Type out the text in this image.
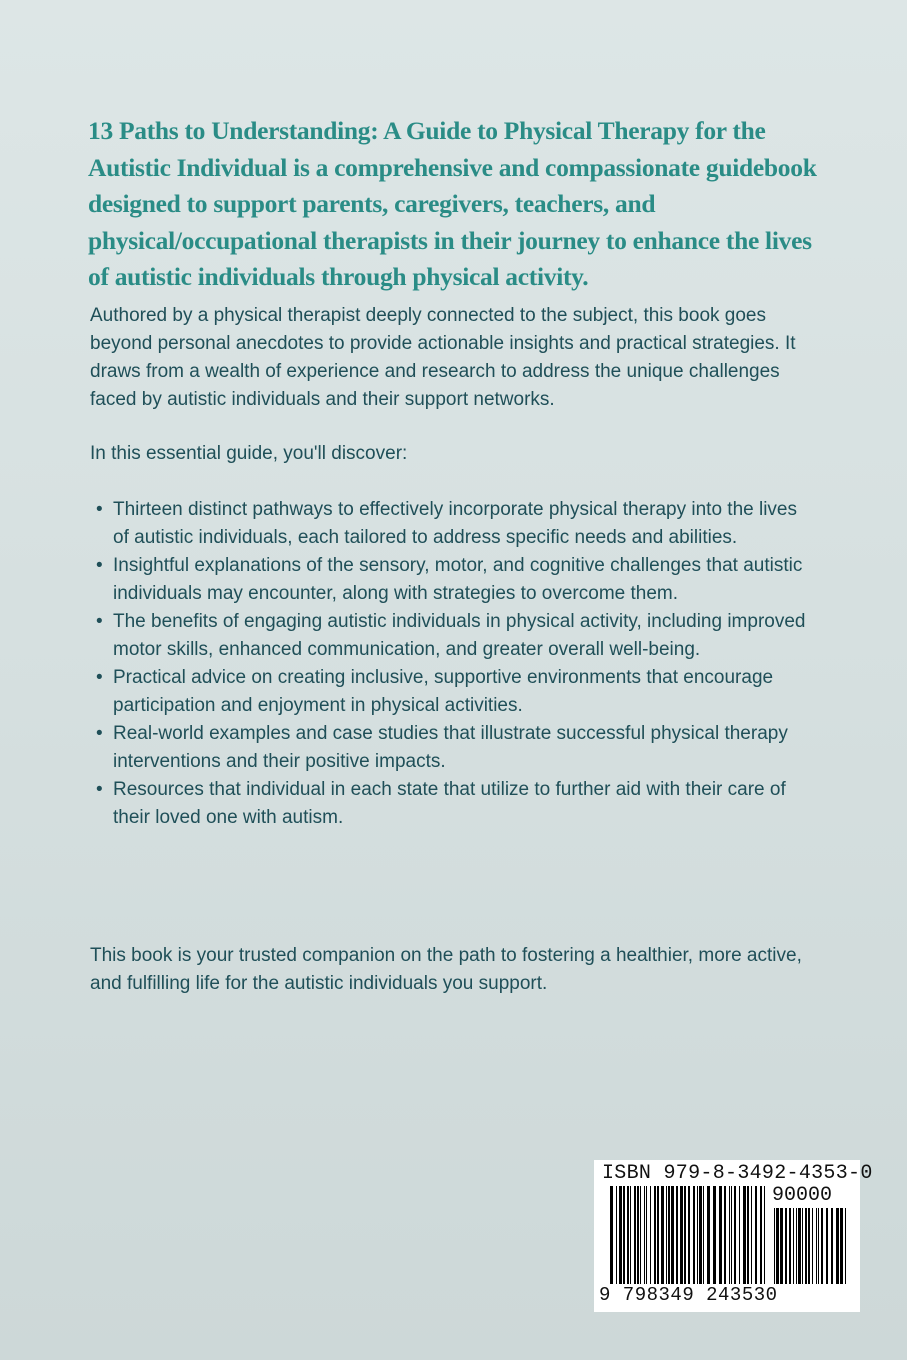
13 Paths to Understanding: A Guide to Physical Therapy for the Autistic Individual is a comprehensive and compassionate guidebook designed to support parents, caregivers, teachers, and physical/occupational therapists in their journey to enhance the lives of autistic individuals through physical activity.

Authored by a physical therapist deeply connected to the subject, this book goes beyond personal anecdotes to provide actionable insights and practical strategies. It draws from a wealth of experience and research to address the unique challenges faced by autistic individuals and their support networks.

In this essential guide, you'll discover:

• Thirteen distinct pathways to effectively incorporate physical therapy into the lives of autistic individuals, each tailored to address specific needs and abilities.
• Insightful explanations of the sensory, motor, and cognitive challenges that autistic individuals may encounter, along with strategies to overcome them.
• The benefits of engaging autistic individuals in physical activity, including improved motor skills, enhanced communication, and greater overall well-being.
• Practical advice on creating inclusive, supportive environments that encourage participation and enjoyment in physical activities.
• Real-world examples and case studies that illustrate successful physical therapy interventions and their positive impacts.
• Resources that individual in each state that utilize to further aid with their care of their loved one with autism.

This book is your trusted companion on the path to fostering a healthier, more active, and fulfilling life for the autistic individuals you support.

ISBN 979-8-3492-4353-0

90000

9 798349 243530
